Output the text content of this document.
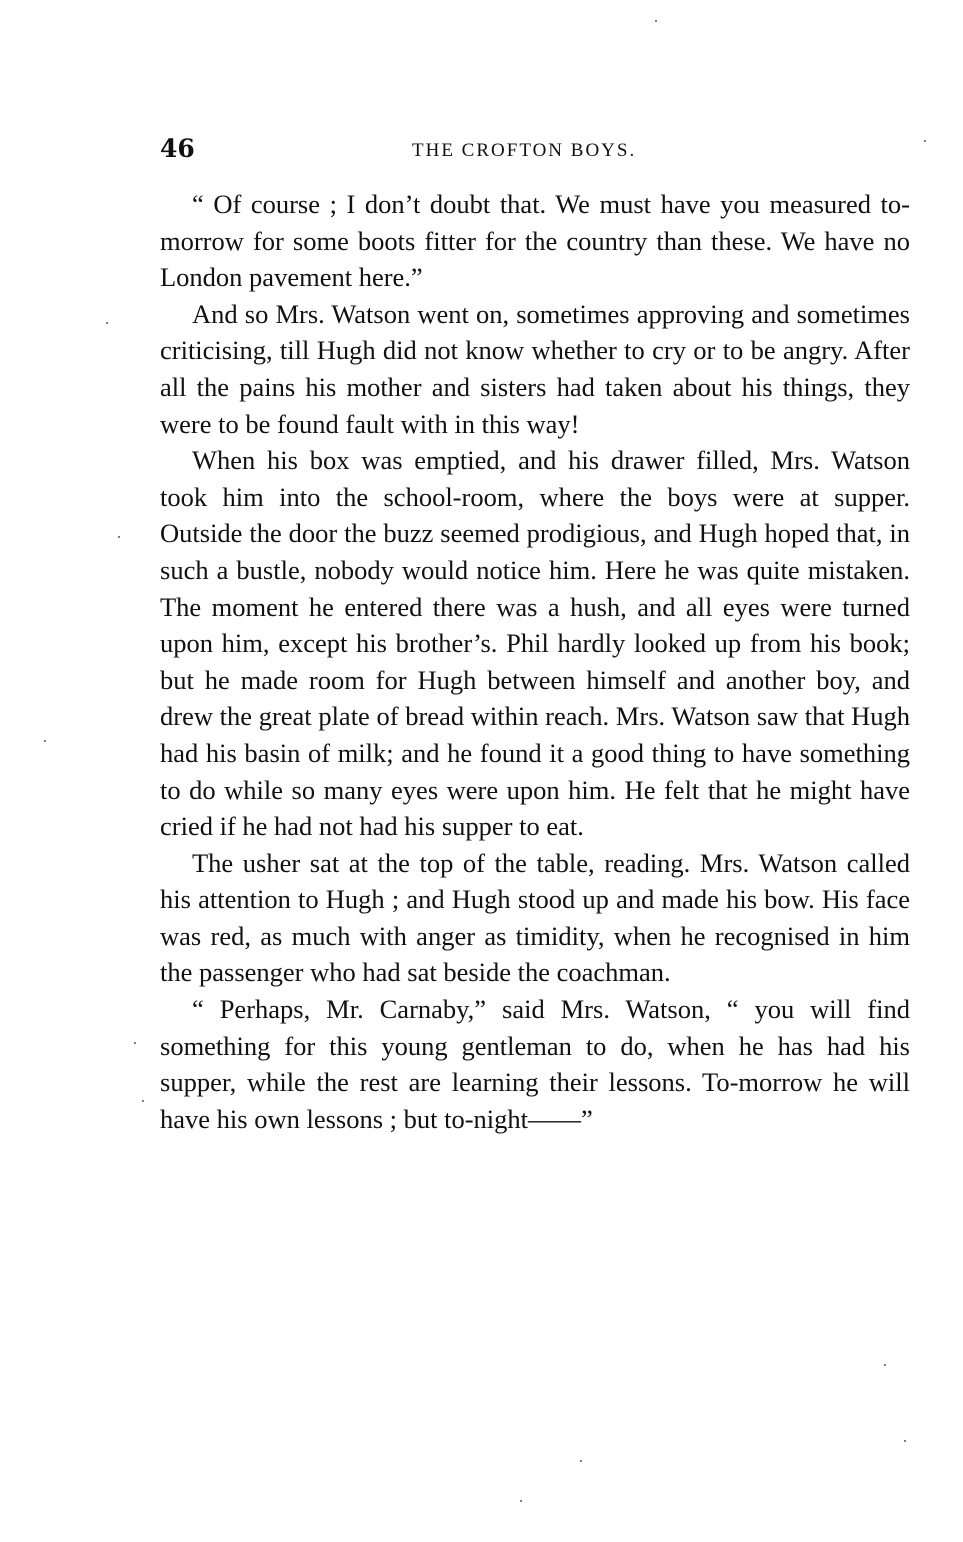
46	THE CROFTON BOYS.

“ Of course ; I don’t doubt that. We must have you measured to-morrow for some boots fitter for the country than these. We have no London pavement here.”

And so Mrs. Watson went on, sometimes approving and sometimes criticising, till Hugh did not know whether to cry or to be angry. After all the pains his mother and sisters had taken about his things, they were to be found fault with in this way!

When his box was emptied, and his drawer filled, Mrs. Watson took him into the school-room, where the boys were at supper. Outside the door the buzz seemed prodigious, and Hugh hoped that, in such a bustle, nobody would notice him. Here he was quite mistaken. The moment he entered there was a hush, and all eyes were turned upon him, except his brother’s. Phil hardly looked up from his book; but he made room for Hugh between himself and another boy, and drew the great plate of bread within reach. Mrs. Watson saw that Hugh had his basin of milk; and he found it a good thing to have something to do while so many eyes were upon him. He felt that he might have cried if he had not had his supper to eat.

The usher sat at the top of the table, reading. Mrs. Watson called his attention to Hugh ; and Hugh stood up and made his bow. His face was red, as much with anger as timidity, when he recognised in him the passenger who had sat beside the coachman.

“ Perhaps, Mr. Carnaby,” said Mrs. Watson, “ you will find something for this young gentleman to do, when he has had his supper, while the rest are learning their lessons. To-morrow he will have his own lessons ; but to-night——”
